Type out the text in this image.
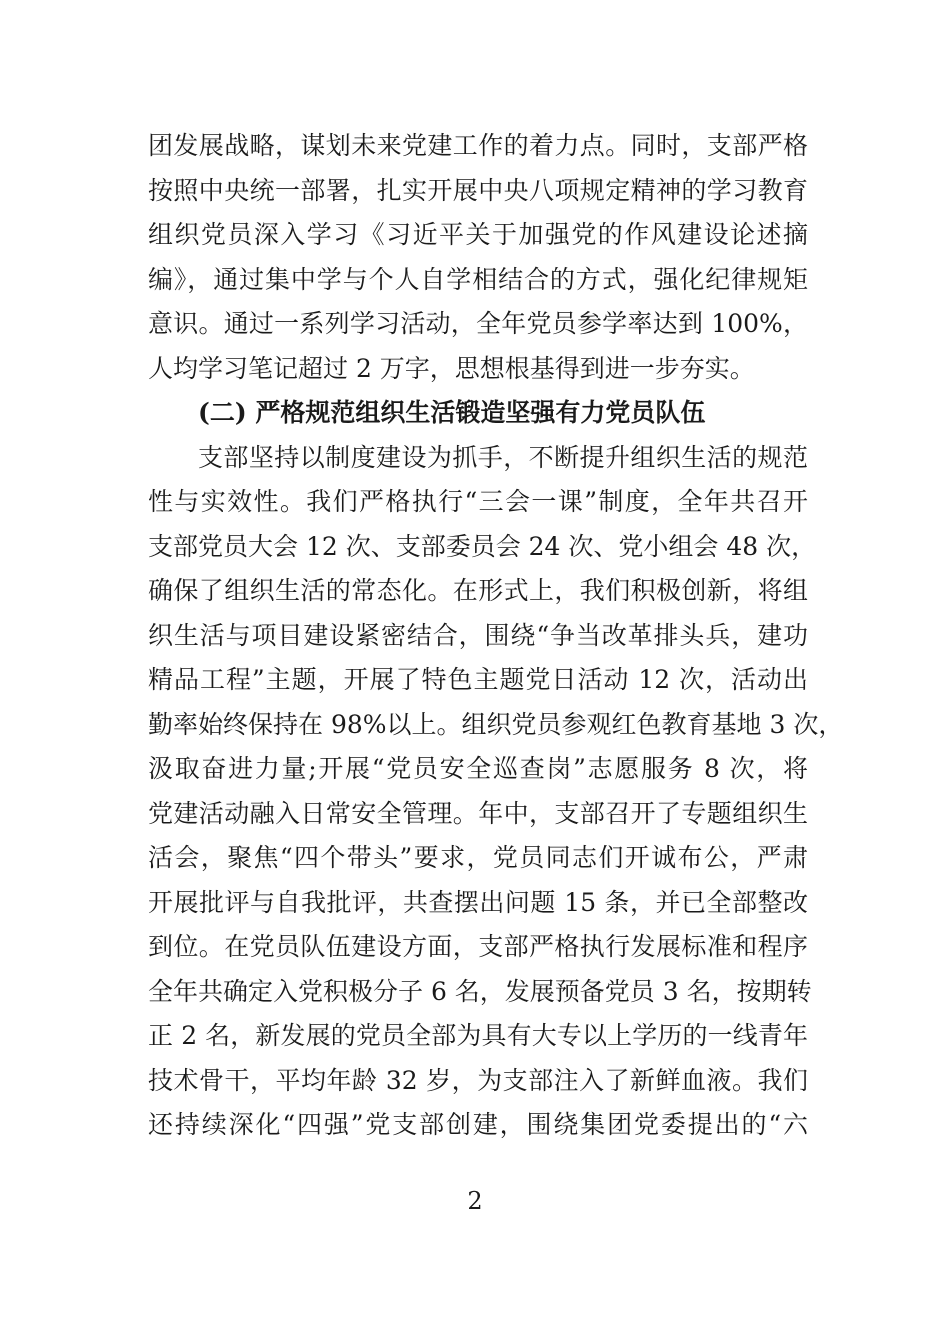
团发展战略，谋划未来党建工作的着力点。同时，支部严格
按照中央统一部署，扎实开展中央八项规定精神的学习教育
组织党员深入学习《习近平关于加强党的作风建设论述摘
编》，通过集中学与个人自学相结合的方式，强化纪律规矩
意识。通过一系列学习活动，全年党员参学率达到 100%，
人均学习笔记超过 2 万字，思想根基得到进一步夯实。
(二) 严格规范组织生活锻造坚强有力党员队伍
支部坚持以制度建设为抓手，不断提升组织生活的规范
性与实效性。我们严格执行“三会一课”制度，全年共召开
支部党员大会 12 次、支部委员会 24 次、党小组会 48 次，
确保了组织生活的常态化。在形式上，我们积极创新，将组
织生活与项目建设紧密结合，围绕“争当改革排头兵，建功
精品工程”主题，开展了特色主题党日活动 12 次，活动出
勤率始终保持在 98%以上。组织党员参观红色教育基地 3 次，
汲取奋进力量;开展“党员安全巡查岗”志愿服务 8 次，将
党建活动融入日常安全管理。年中，支部召开了专题组织生
活会，聚焦“四个带头”要求，党员同志们开诚布公，严肃
开展批评与自我批评，共查摆出问题 15 条，并已全部整改
到位。在党员队伍建设方面，支部严格执行发展标准和程序
全年共确定入党积极分子 6 名，发展预备党员 3 名，按期转
正 2 名，新发展的党员全部为具有大专以上学历的一线青年
技术骨干，平均年龄 32 岁，为支部注入了新鲜血液。我们
还持续深化“四强”党支部创建，围绕集团党委提出的“六
2
